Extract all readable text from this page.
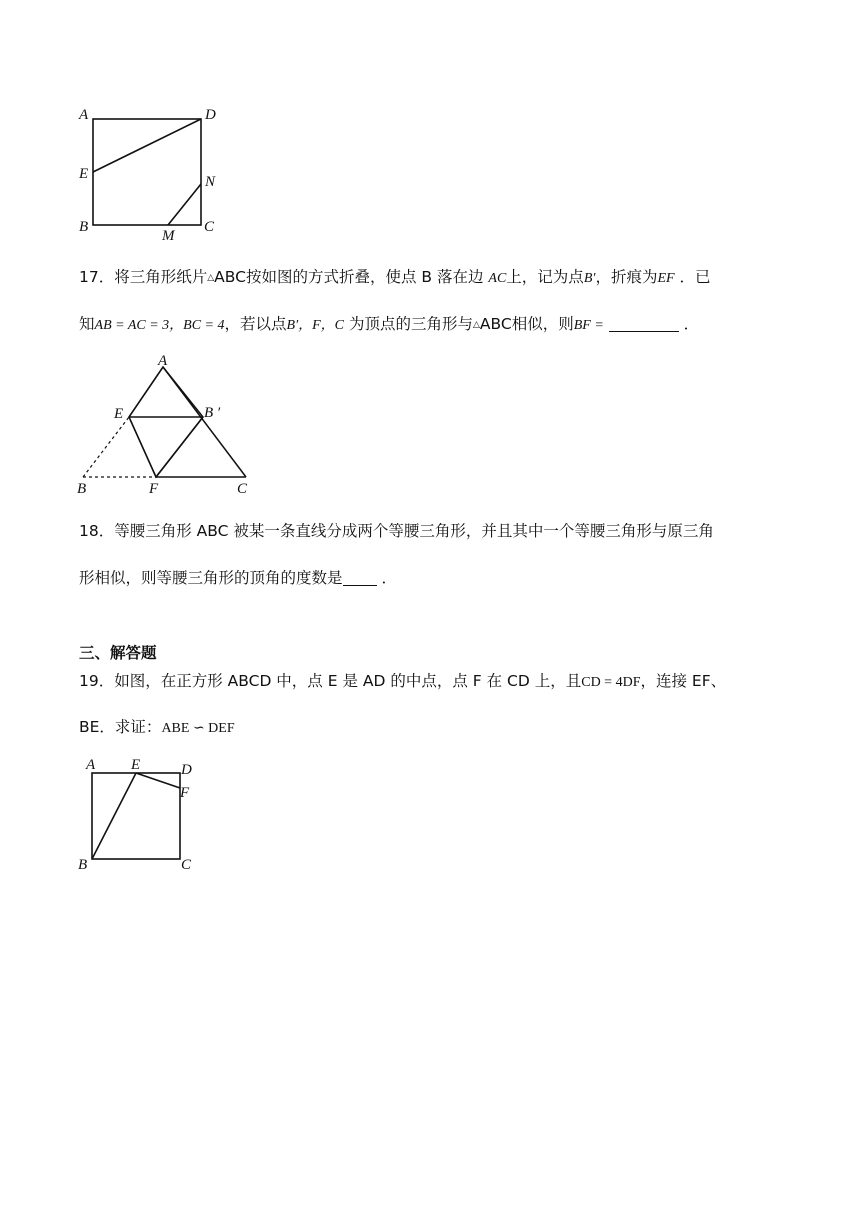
A	D
E	N
B
M
C
17．将三角形纸片△ABC按如图的方式折叠，使点 B 落在边 AC上，记为点B′，折痕为EF ．已
知AB = AC = 3，BC = 4，若以点B′，F，C 为顶点的三角形与△ABC相似，则BF =	．
A
E	B ′
B	F	C
18．等腰三角形 ABC 被某一条直线分成两个等腰三角形，并且其中一个等腰三角形与原三角
形相似，则等腰三角形的顶角的度数是	．
三、解答题
19．如图，在正方形 ABCD 中，点 E 是 AD 的中点，点 F 在 CD 上，且CD = 4DF，连接 EF、
BE．求证：ABE ∽ DEF
A E	D
F
B	C
